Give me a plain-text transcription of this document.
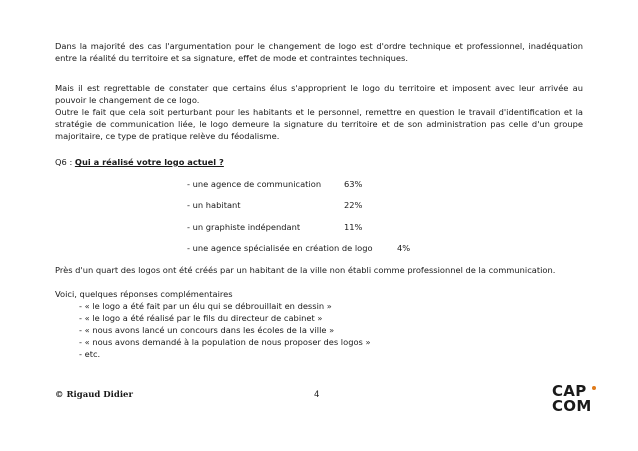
Dans la majorité des cas l'argumentation pour le changement de logo est d'ordre technique et professionnel, inadéquation entre la réalité du territoire et sa signature, effet de mode et contraintes techniques.
Mais il est regrettable de constater que certains élus s'approprient le logo du territoire et imposent avec leur arrivée au pouvoir le changement de ce logo.
Outre le fait que cela soit perturbant pour les habitants et le personnel, remettre en question le travail d'identification et la stratégie de communication liée, le logo demeure la signature du territoire et de son administration pas celle d'un groupe majoritaire, ce type de pratique relève du féodalisme.
Q6 : Qui a réalisé votre logo actuel ?
- une agence de communication	63%
- un habitant	22%
- un graphiste indépendant	11%
- une agence spécialisée en création de logo	4%
Près d'un quart des logos ont été créés par un habitant de la ville non établi comme professionnel de la communication.
Voici, quelques réponses complémentaires
- « le logo a été fait par un élu qui se débrouillait en dessin »
- « le logo a été réalisé par le fils du directeur de cabinet »
- « nous avons lancé un concours dans les écoles de la ville »
- « nous avons demandé à la population de nous proposer des logos »
- etc.
© Rigaud Didier	4	CAP
COM
